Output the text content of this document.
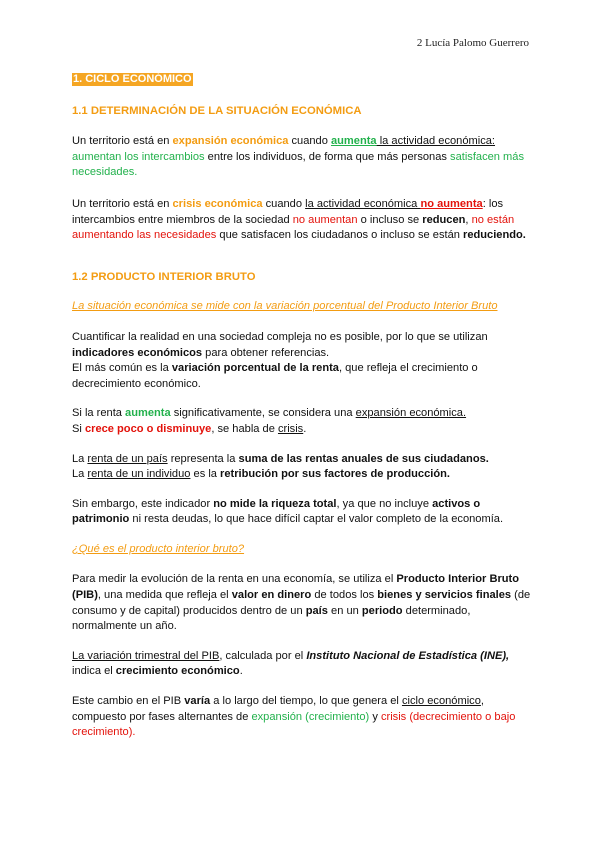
2 Lucía Palomo Guerrero

1. CICLO ECONÓMICO

1.1 DETERMINACIÓN DE LA SITUACIÓN ECONÓMICA

Un territorio está en expansión económica cuando aumenta la actividad económica: aumentan los intercambios entre los individuos, de forma que más personas satisfacen más necesidades.

Un territorio está en crisis económica cuando la actividad económica no aumenta: los intercambios entre miembros de la sociedad no aumentan o incluso se reducen, no están aumentando las necesidades que satisfacen los ciudadanos o incluso se están reduciendo.

1.2 PRODUCTO INTERIOR BRUTO

La situación económica se mide con la variación porcentual del Producto Interior Bruto

Cuantificar la realidad en una sociedad compleja no es posible, por lo que se utilizan indicadores económicos para obtener referencias.
El más común es la variación porcentual de la renta, que refleja el crecimiento o decrecimiento económico.

Si la renta aumenta significativamente, se considera una expansión económica.
Si crece poco o disminuye, se habla de crisis.

La renta de un país representa la suma de las rentas anuales de sus ciudadanos.
La renta de un individuo es la retribución por sus factores de producción.

Sin embargo, este indicador no mide la riqueza total, ya que no incluye activos o patrimonio ni resta deudas, lo que hace difícil captar el valor completo de la economía.

¿Qué es el producto interior bruto?

Para medir la evolución de la renta en una economía, se utiliza el Producto Interior Bruto (PIB), una medida que refleja el valor en dinero de todos los bienes y servicios finales (de consumo y de capital) producidos dentro de un país en un periodo determinado, normalmente un año.

La variación trimestral del PIB, calculada por el Instituto Nacional de Estadística (INE), indica el crecimiento económico.

Este cambio en el PIB varía a lo largo del tiempo, lo que genera el ciclo económico, compuesto por fases alternantes de expansión (crecimiento) y crisis (decrecimiento o bajo crecimiento).
